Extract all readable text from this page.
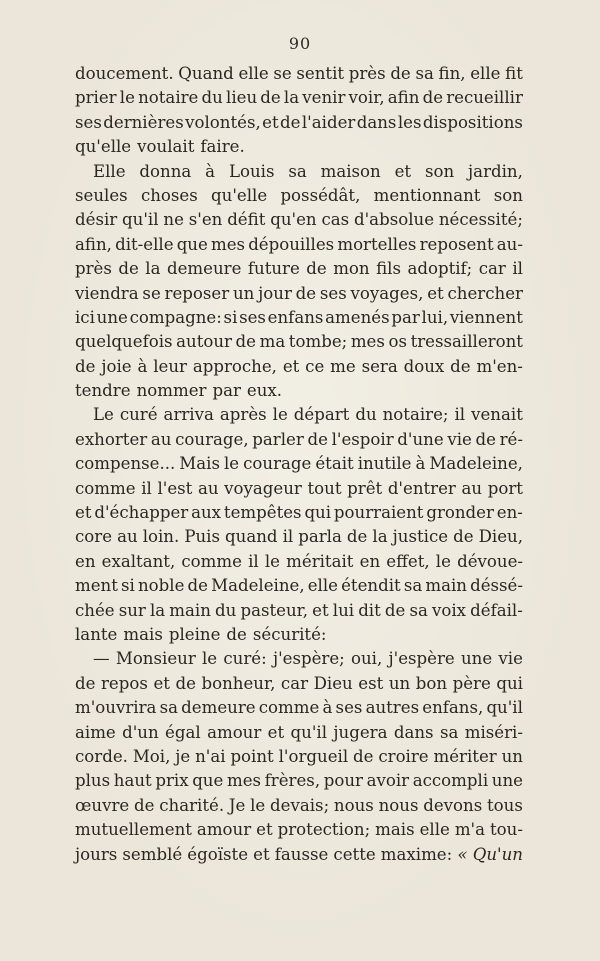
90
doucement. Quand elle se sentit près de sa fin, elle fit
prier le notaire du lieu de la venir voir, afin de recueillir
ses dernières volontés, et de l'aider dans les dispositions
qu'elle voulait faire.
Elle donna à Louis sa maison et son jardin,
seules choses qu'elle possédât, mentionnant son
désir qu'il ne s'en défit qu'en cas d'absolue nécessité;
afin, dit-elle que mes dépouilles mortelles reposent au-
près de la demeure future de mon fils adoptif; car il
viendra se reposer un jour de ses voyages, et chercher
ici une compagne: si ses enfans amenés par lui, viennent
quelquefois autour de ma tombe; mes os tressailleront
de joie à leur approche, et ce me sera doux de m'en-
tendre nommer par eux.
Le curé arriva après le départ du notaire; il venait
exhorter au courage, parler de l'espoir d'une vie de ré-
compense... Mais le courage était inutile à Madeleine,
comme il l'est au voyageur tout prêt d'entrer au port
et d'échapper aux tempêtes qui pourraient gronder en-
core au loin. Puis quand il parla de la justice de Dieu,
en exaltant, comme il le méritait en effet, le dévoue-
ment si noble de Madeleine, elle étendit sa main déssé-
chée sur la main du pasteur, et lui dit de sa voix défail-
lante mais pleine de sécurité:
— Monsieur le curé: j'espère; oui, j'espère une vie
de repos et de bonheur, car Dieu est un bon père qui
m'ouvrira sa demeure comme à ses autres enfans, qu'il
aime d'un égal amour et qu'il jugera dans sa miséri-
corde. Moi, je n'ai point l'orgueil de croire mériter un
plus haut prix que mes frères, pour avoir accompli une
œuvre de charité. Je le devais; nous nous devons tous
mutuellement amour et protection; mais elle m'a tou-
jours semblé égoïste et fausse cette maxime: « Qu'un
